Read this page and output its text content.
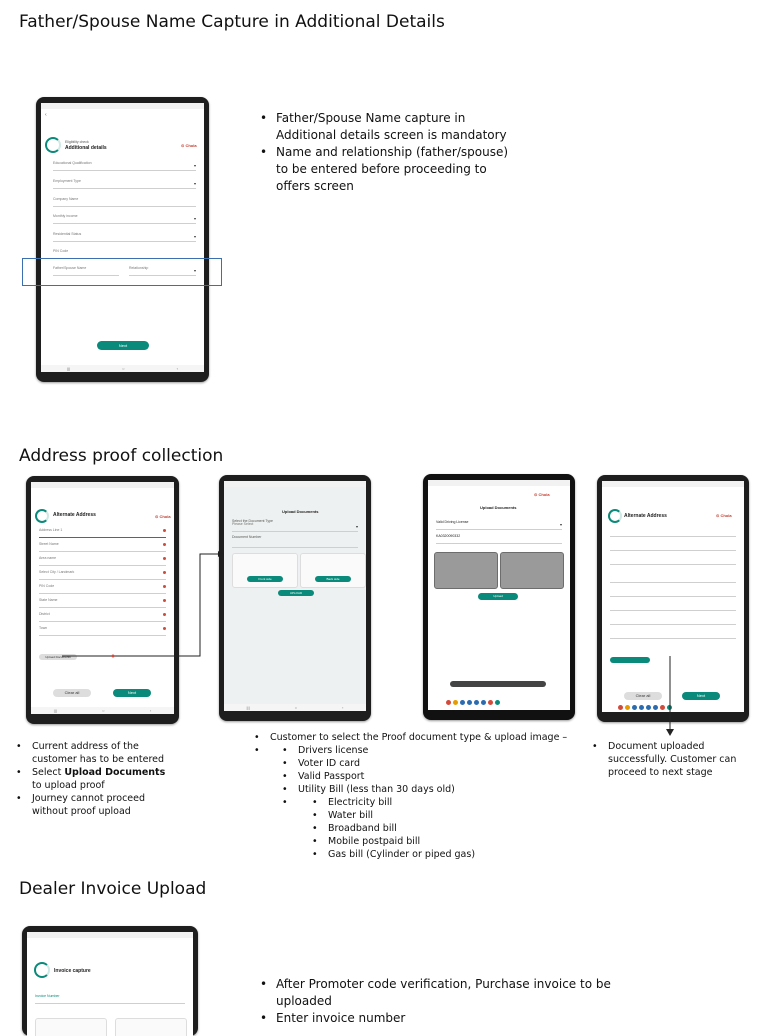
Father/Spouse Name Capture in Additional Details
‹
Eligibility check
Additional details	⊙ Chola
Educational Qualification	▾
Employment Type	▾
Company Name
Monthly income	▾
Residential Status	▾
PIN Code
Father/Spouse Name	Relationship	▾
Next
|||	○	‹
• Father/Spouse Name capture in Additional details screen is mandatory
• Name and relationship (father/spouse) to be entered before proceeding to offers screen
Address proof collection
Alternate Address	⊙ Chola
Address Line 1
Street Name
Area name
Select City / Landmark
PIN Code
State Name
District
Town
Upload Documents
Clear all	Next
|||	○	‹
Upload Documents
Select the Document Type
Please Select	▾
Document Number
Front side	Back side
UPLOAD
|||	○	‹
Upload Documents
⊙ Chola
Valid Driving License	▾
KA0320090332
Upload
Alternate Address	⊙ Chola
Clear all	Next
• Current address of the customer has to be entered
• Select Upload Documents to upload proof
• Journey cannot proceed without proof upload
• Customer to select the Proof document type & upload image –
• • Drivers license
• Voter ID card
• Valid Passport
• Utility Bill (less than 30 days old)
• • Electricity bill
• Water bill
• Broadband bill
• Mobile postpaid bill
• Gas bill (Cylinder or piped gas)
• Document uploaded successfully. Customer can proceed to next stage
Dealer Invoice Upload
Invoice capture
Invoice Number
• After Promoter code verification, Purchase invoice to be uploaded
• Enter invoice number
